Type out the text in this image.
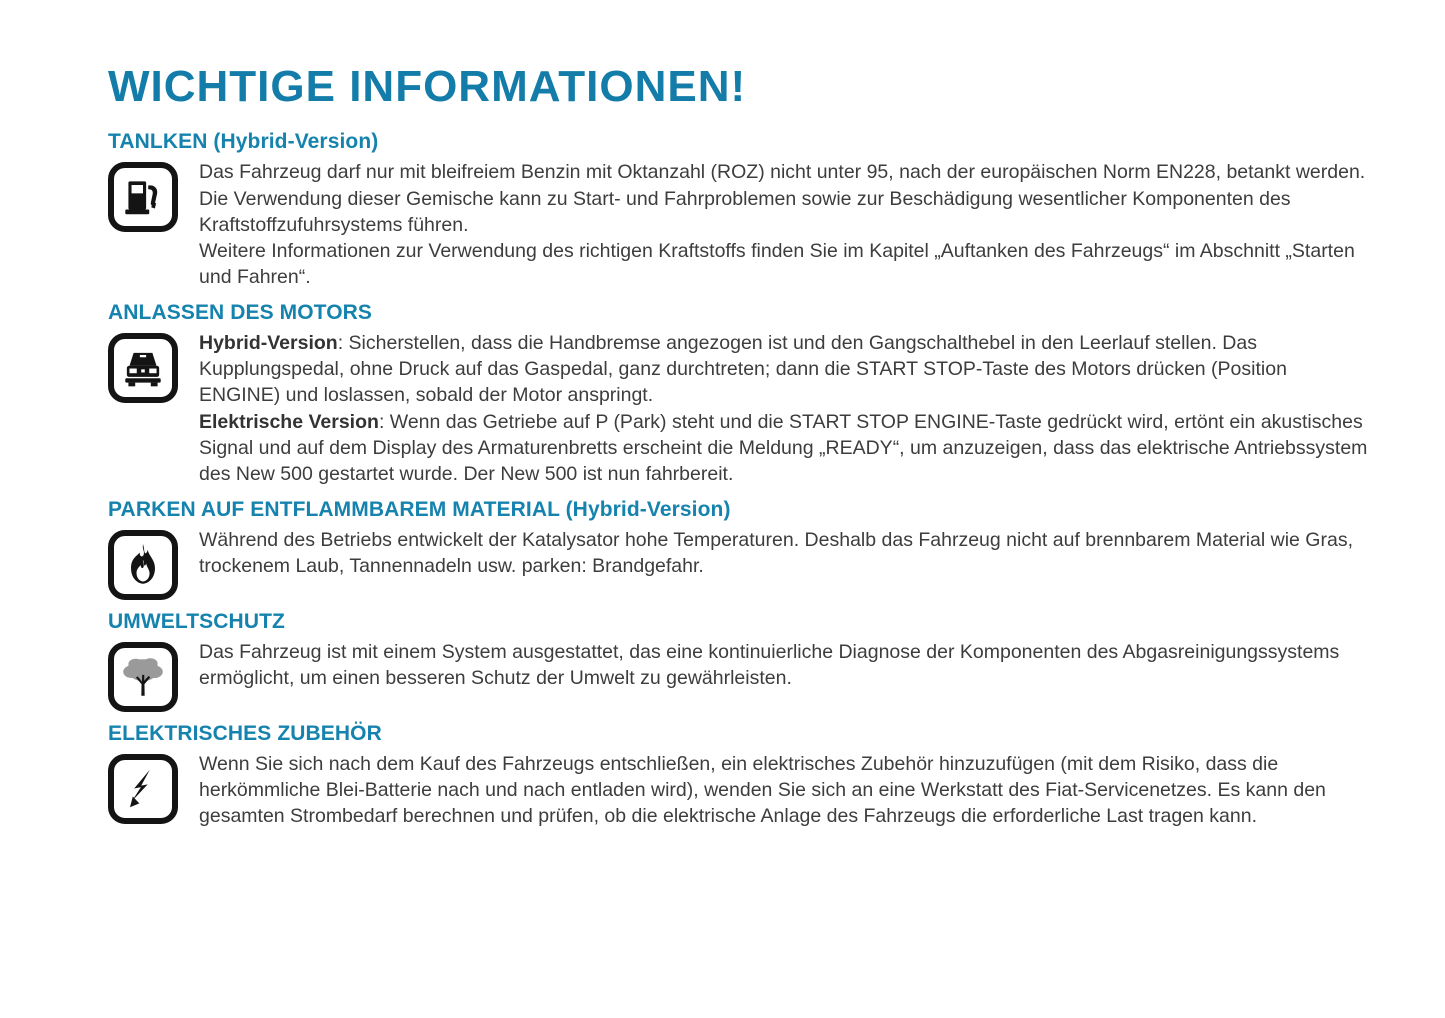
WICHTIGE INFORMATIONEN!
TANLKEN (Hybrid-Version)

Das Fahrzeug darf nur mit bleifreiem Benzin mit Oktanzahl (ROZ) nicht unter 95, nach der europäischen Norm EN228, betankt werden. Die Verwendung dieser Gemische kann zu Start- und Fahrproblemen sowie zur Beschädigung wesentlicher Komponenten des Kraftstoffzufuhrsystems führen.

Weitere Informationen zur Verwendung des richtigen Kraftstoffs finden Sie im Kapitel „Auftanken des Fahrzeugs“ im Abschnitt „Starten und Fahren“.

ANLASSEN DES MOTORS

Hybrid-Version: Sicherstellen, dass die Handbremse angezogen ist und den Gangschalthebel in den Leerlauf stellen. Das Kupplungspedal, ohne Druck auf das Gaspedal, ganz durchtreten; dann die START STOP-Taste des Motors drücken (Position ENGINE) und loslassen, sobald der Motor anspringt.

Elektrische Version: Wenn das Getriebe auf P (Park) steht und die START STOP ENGINE-Taste gedrückt wird, ertönt ein akustisches Signal und auf dem Display des Armaturenbretts erscheint die Meldung „READY“, um anzuzeigen, dass das elektrische Antriebssystem des New 500 gestartet wurde. Der New 500 ist nun fahrbereit.

PARKEN AUF ENTFLAMMBAREM MATERIAL (Hybrid-Version)

Während des Betriebs entwickelt der Katalysator hohe Temperaturen. Deshalb das Fahrzeug nicht auf brennbarem Material wie Gras, trockenem Laub, Tannennadeln usw. parken: Brandgefahr.

UMWELTSCHUTZ

Das Fahrzeug ist mit einem System ausgestattet, das eine kontinuierliche Diagnose der Komponenten des Abgasreinigungssystems ermöglicht, um einen besseren Schutz der Umwelt zu gewährleisten.

ELEKTRISCHES ZUBEHÖR

Wenn Sie sich nach dem Kauf des Fahrzeugs entschließen, ein elektrisches Zubehör hinzuzufügen (mit dem Risiko, dass die herkömmliche Blei-Batterie nach und nach entladen wird), wenden Sie sich an eine Werkstatt des Fiat-Servicenetzes. Es kann den gesamten Strombedarf berechnen und prüfen, ob die elektrische Anlage des Fahrzeugs die erforderliche Last tragen kann.
